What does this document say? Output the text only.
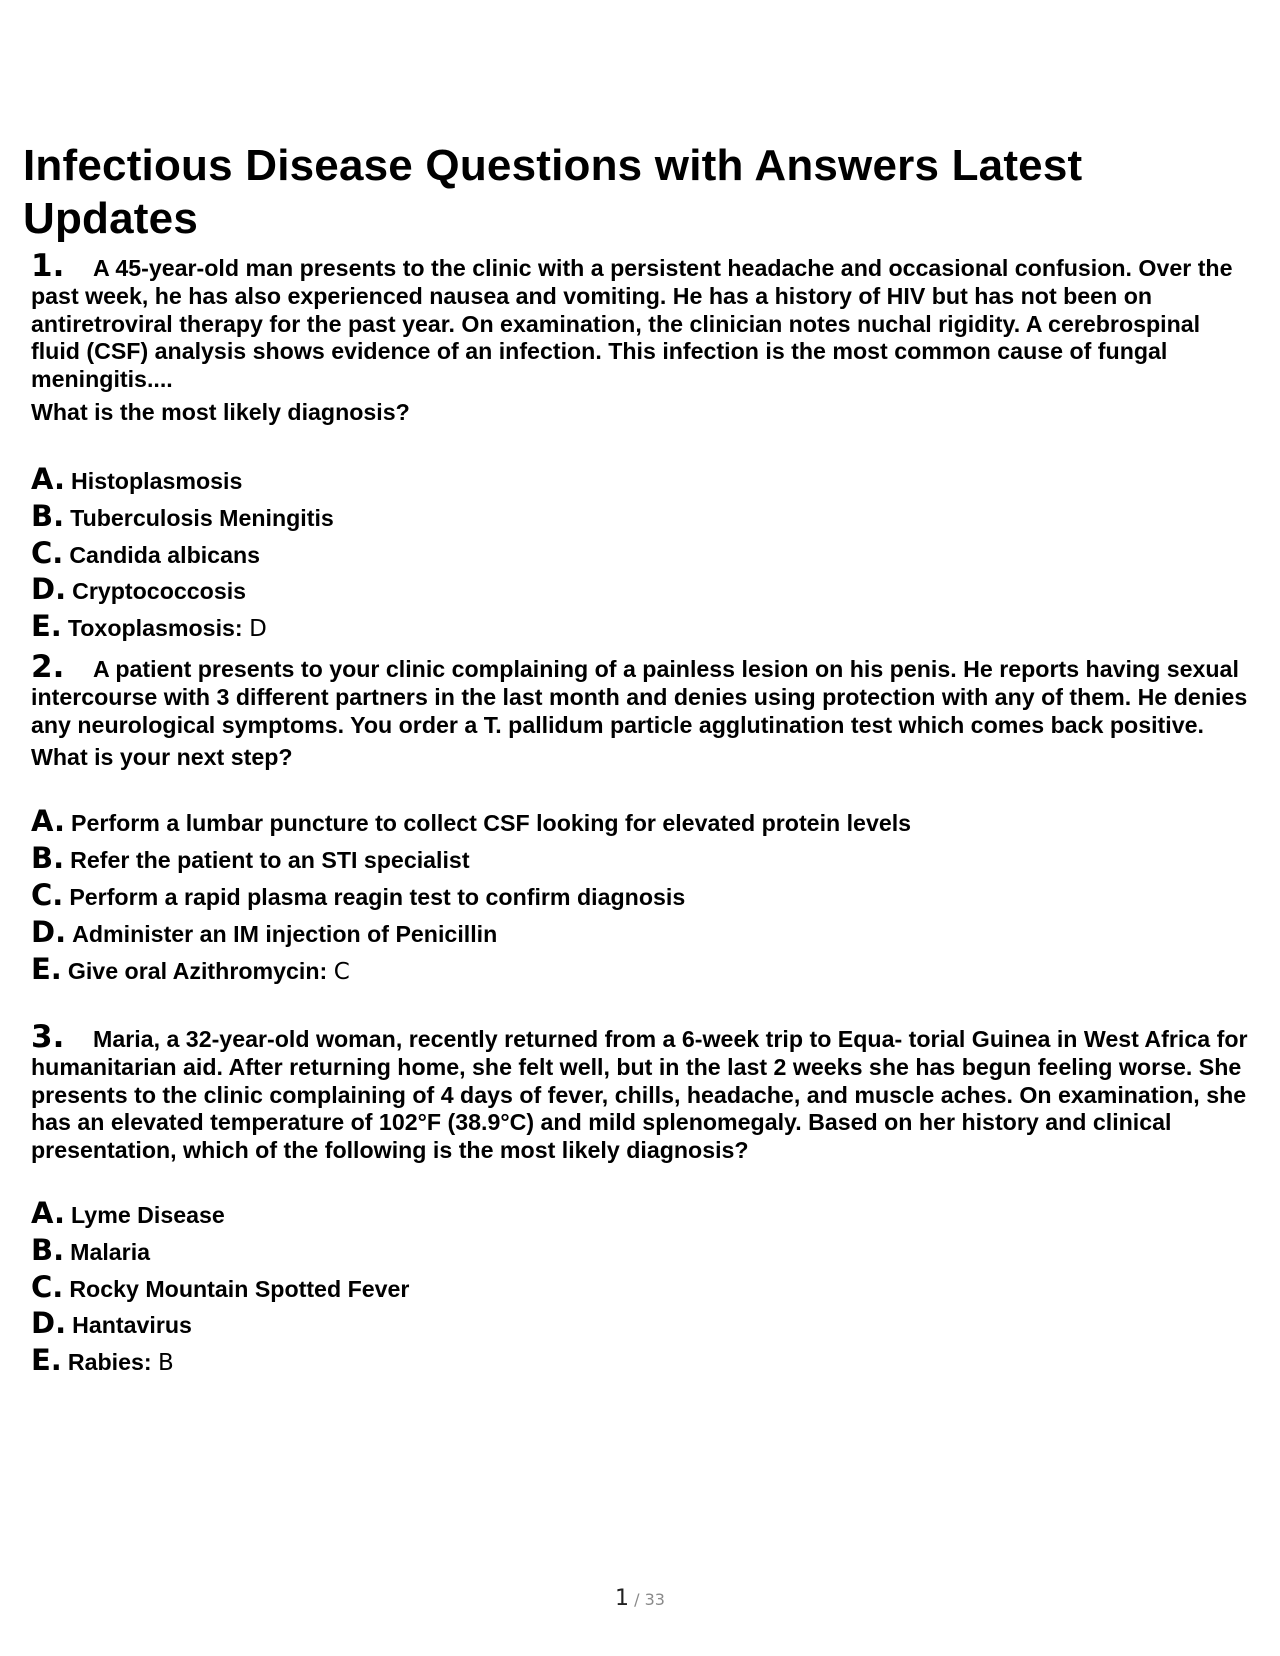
Infectious Disease Questions with Answers Latest Updates

1. A 45-year-old man presents to the clinic with a persistent headache and occasional confusion. Over the past week, he has also experienced nausea and vomiting. He has a history of HIV but has not been on antiretroviral therapy for the past year. On examination, the clinician notes nuchal rigidity. A cerebrospinal fluid (CSF) analysis shows evidence of an infection. This infection is the most common cause of fungal meningitis....

What is the most likely diagnosis?

A. Histoplasmosis
B. Tuberculosis Meningitis
C. Candida albicans
D. Cryptococcosis
E. Toxoplasmosis: D

2. A patient presents to your clinic complaining of a painless lesion on his penis. He reports having sexual intercourse with 3 different partners in the last month and denies using protection with any of them. He denies any neurological symptoms. You order a T. pallidum particle agglutination test which comes back positive.

What is your next step?

A. Perform a lumbar puncture to collect CSF looking for elevated protein levels
B. Refer the patient to an STI specialist
C. Perform a rapid plasma reagin test to confirm diagnosis
D. Administer an IM injection of Penicillin
E. Give oral Azithromycin: C

3. Maria, a 32-year-old woman, recently returned from a 6-week trip to Equa- torial Guinea in West Africa for humanitarian aid. After returning home, she felt well, but in the last 2 weeks she has begun feeling worse. She presents to the clinic complaining of 4 days of fever, chills, headache, and muscle aches. On examination, she has an elevated temperature of 102°F (38.9°C) and mild splenomegaly. Based on her history and clinical presentation, which of the following is the most likely diagnosis?

A. Lyme Disease
B. Malaria
C. Rocky Mountain Spotted Fever
D. Hantavirus
E. Rabies: B
1 / 33
